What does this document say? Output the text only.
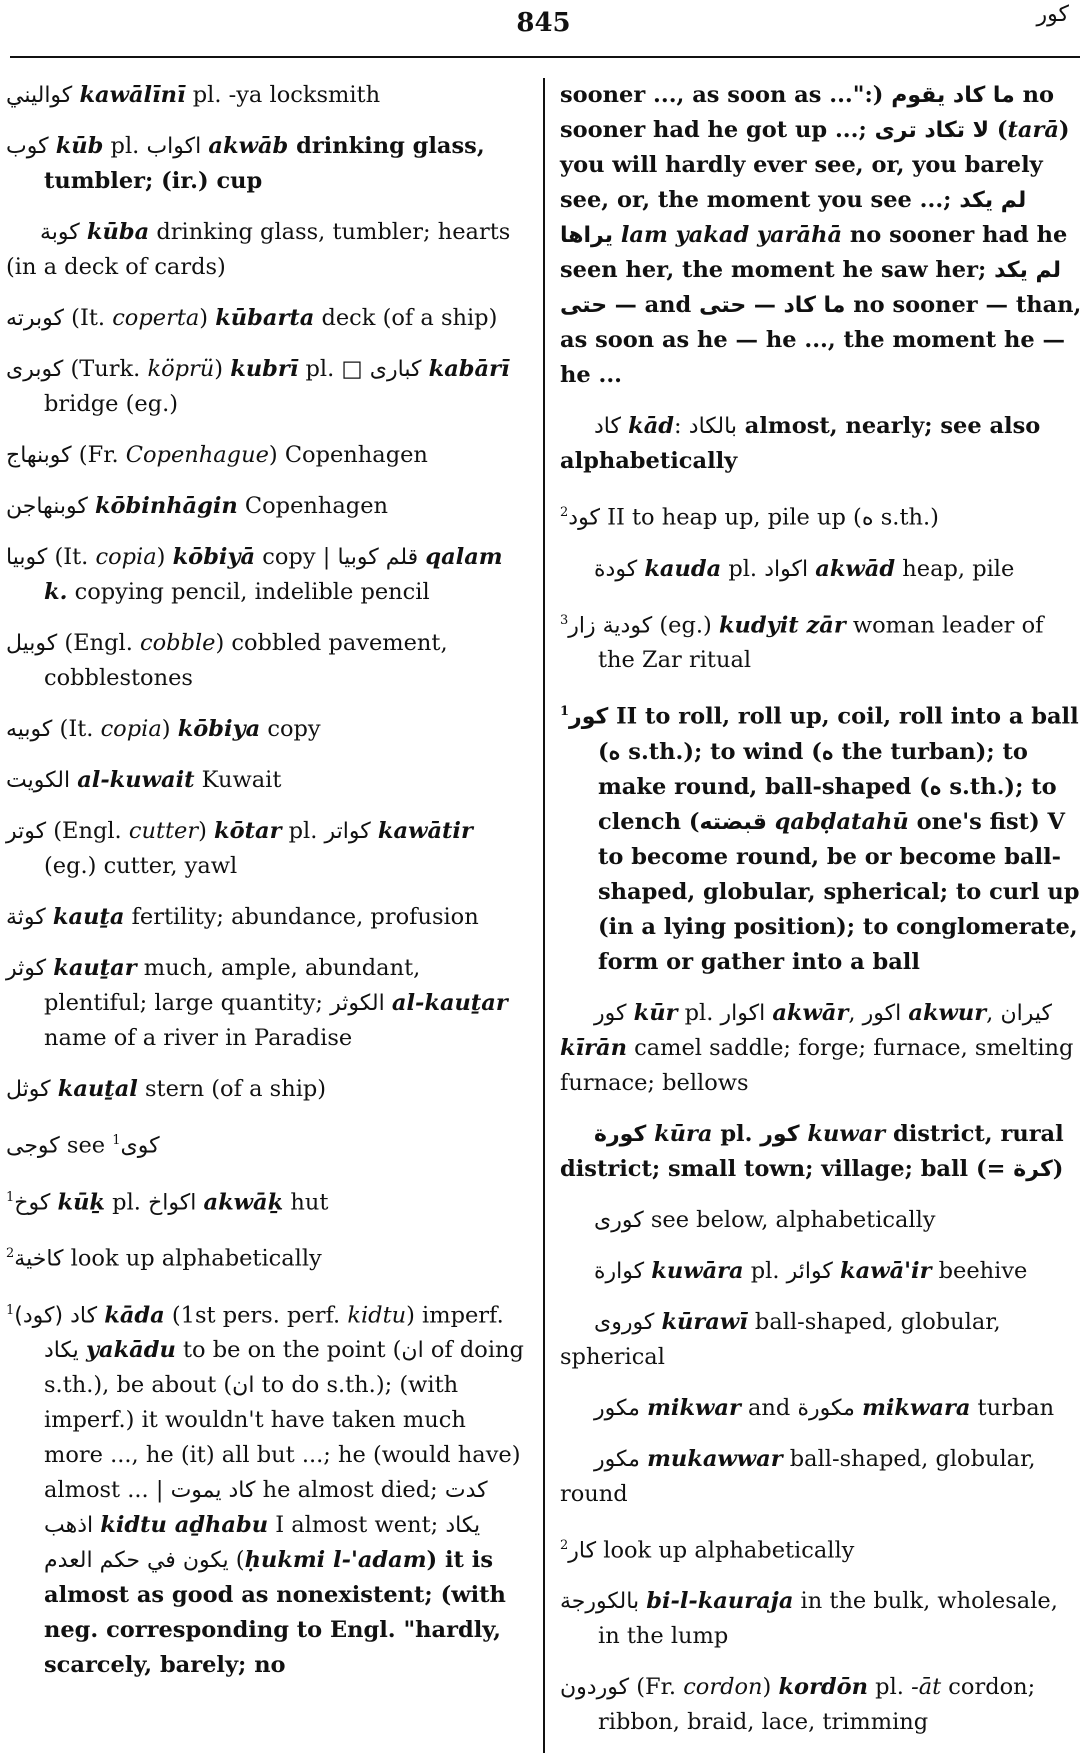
845	كور
كواليني kawālīnī pl. -ya locksmith
كوب kūb pl. اكواب akwāb drinking glass, tumbler; (ir.) cup
كوبة kūba drinking glass, tumbler; hearts (in a deck of cards)
كوبرته (It. coperta) kūbarta deck (of a ship)
كوبرى (Turk. köprü) kubrī pl. □ كبارى kabārī bridge (eg.)
كوبنهاج (Fr. Copenhague) Copenhagen
كوبنهاجن kōbinhāgin Copenhagen
كوبيا (It. copia) kōbiyā copy | قلم كوبيا qalam k. copying pencil, indelible pencil
كوبيل (Engl. cobble) cobbled pavement, cobblestones
كوبيه (It. copia) kōbiya copy
الكويت al-kuwait Kuwait
كوتر (Engl. cutter) kōtar pl. كواتر kawātir (eg.) cutter, yawl
كوثة kauṯa fertility; abundance, profusion
كوثر kauṯar much, ample, abundant, plentiful; large quantity; الكوثر al-kauṯar name of a river in Paradise
كوثل kauṯal stern (of a ship)
كوجى see $^1$كوى
$^1$كوخ kūḵ pl. اكواخ akwāḵ hut
$^2$كاخية look up alphabetically
$^1$(كود) كاد kāda (1st pers. perf. kidtu) imperf. يكاد yakādu to be on the point (ان of doing s.th.), be about (ان to do s.th.); (with imperf.) it wouldn't have taken much more ..., he (it) all but ...; he (would have) almost ... | كاد يموت he almost died; كدت اذهب kidtu aḏhabu I almost went; يكاد يكون في حكم العدم (ḥukmi l-'adam) it is almost as good as nonexistent; (with neg. corresponding to Engl. "hardly, scarcely, barely; no
sooner ..., as soon as ...":) ما كاد يقوم no sooner had he got up ...; لا تكاد ترى (tarā) you will hardly ever see, or, you barely see, or, the moment you see ...; لم يكد يراها lam yakad yarāhā no sooner had he seen her, the moment he saw her; لم يكد — حتى and ما كاد — حتى no sooner — than, as soon as he — he ..., the moment he — he ...
كاد kād: بالكاد almost, nearly; see also alphabetically
$^2$كود II to heap up, pile up (ه s.th.)
كودة kauda pl. اكواد akwād heap, pile
$^3$كودية زار (eg.) kudyit zār woman leader of the Zar ritual
$^1$كور II to roll, roll up, coil, roll into a ball (ه s.th.); to wind (ه the turban); to make round, ball-shaped (ه s.th.); to clench (قبضته qabḍatahū one's fist) V to become round, be or become ball-shaped, globular, spherical; to curl up (in a lying position); to conglomerate, form or gather into a ball
كور kūr pl. اكوار akwār, اكور akwur, كيران kīrān camel saddle; forge; furnace, smelting furnace; bellows
كورة kūra pl. كور kuwar district, rural district; small town; village; ball (= كرة)
كورى see below, alphabetically
كوارة kuwāra pl. كوائر kawā'ir beehive
كوروى kūrawī ball-shaped, globular, spherical
مكور mikwar and مكورة mikwara turban
مكور mukawwar ball-shaped, globular, round
$^2$كار look up alphabetically
بالكورجة bi-l-kauraja in the bulk, wholesale, in the lump
كوردون (Fr. cordon) kordōn pl. -āt cordon; ribbon, braid, lace, trimming
